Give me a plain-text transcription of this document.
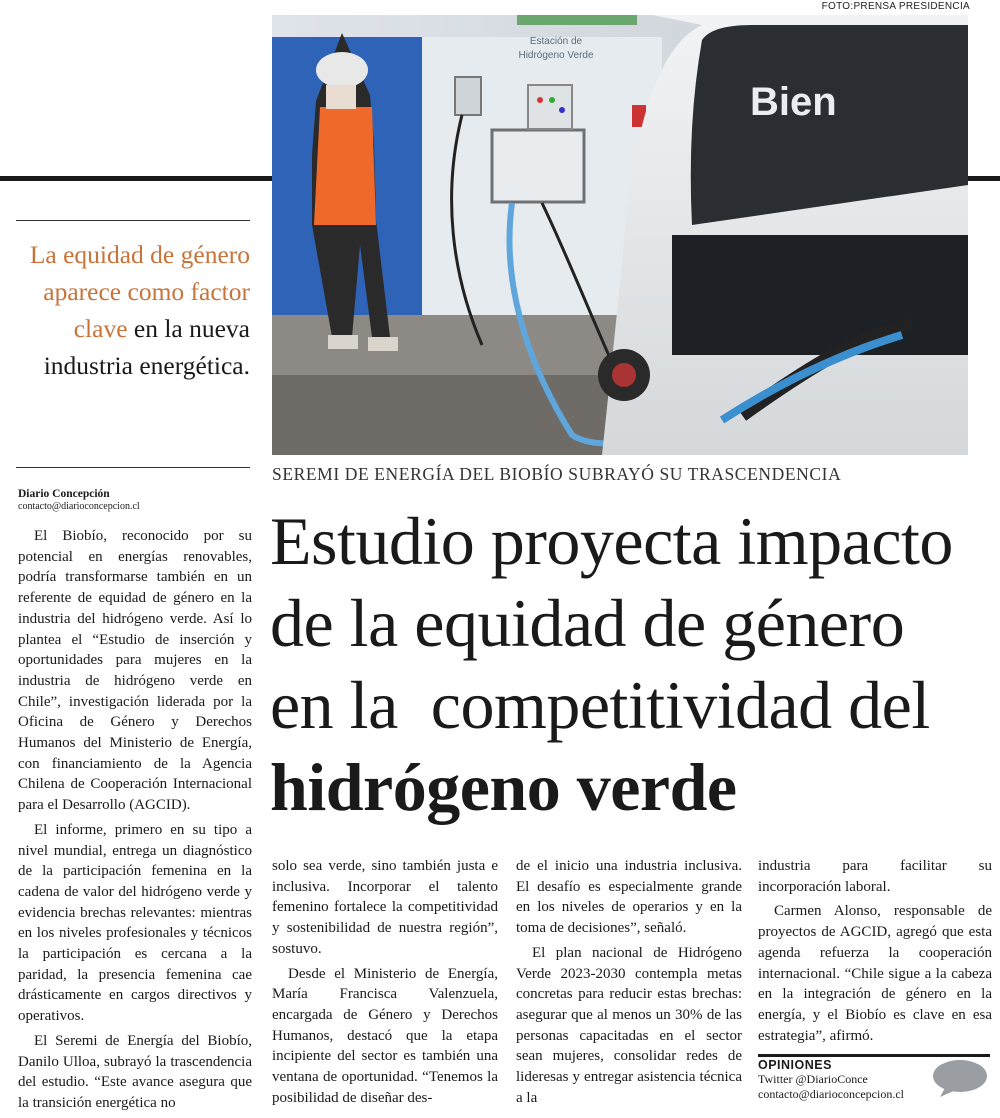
FOTO:PRENSA PRESIDENCIA
Bien
Estación de Hidrógeno Verde
La equidad de género aparece como factor clave en la nueva industria energética.
Diario Concepción
contacto@diarioconcepcion.cl
SEREMI DE ENERGÍA DEL BIOBÍO SUBRAYÓ SU TRASCENDENCIA
Estudio proyecta impacto
de la equidad de género
en la  competitividad del
hidrógeno verde

El Biobío, reconocido por su potencial en energías renovables, podría transformarse también en un referente de equidad de género en la industria del hidrógeno verde. Así lo plantea el “Estudio de inserción y oportunidades para mujeres en la industria de hidrógeno verde en Chile”, investigación liderada por la Oficina de Género y Derechos Humanos del Ministerio de Energía, con financiamiento de la Agencia Chilena de Cooperación Internacional para el Desarrollo (AGCID).

El informe, primero en su tipo a nivel mundial, entrega un diagnóstico de la participación femenina en la cadena de valor del hidrógeno verde y evidencia brechas relevantes: mientras en los niveles profesionales y técnicos la participación es cercana a la paridad, la presencia femenina cae drásticamente en cargos directivos y operativos.

El Seremi de Energía del Biobío, Danilo Ulloa, subrayó la trascendencia del estudio. “Este avance asegura que la transición energética no

solo sea verde, sino también justa e inclusiva. Incorporar el talento femenino fortalece la competitividad y sostenibilidad de nuestra región”, sostuvo.

Desde el Ministerio de Energía, María Francisca Valenzuela, encargada de Género y Derechos Humanos, destacó que la etapa incipiente del sector es también una ventana de oportunidad. “Tenemos la posibilidad de diseñar des-

de el inicio una industria inclusiva. El desafío es especialmente grande en los niveles de operarios y en la toma de decisiones”, señaló.

El plan nacional de Hidrógeno Verde 2023-2030 contempla metas concretas para reducir estas brechas: asegurar que al menos un 30% de las personas capacitadas en el sector sean mujeres, consolidar redes de lideresas y entregar asistencia técnica a la

industria para facilitar su incorporación laboral.

Carmen Alonso, responsable de proyectos de AGCID, agregó que esta agenda refuerza la cooperación internacional. “Chile sigue a la cabeza en la integración de género en la energía, y el Biobío es clave en esa estrategia”, afirmó.

OPINIONES
Twitter @DiarioConce
contacto@diarioconcepcion.cl
